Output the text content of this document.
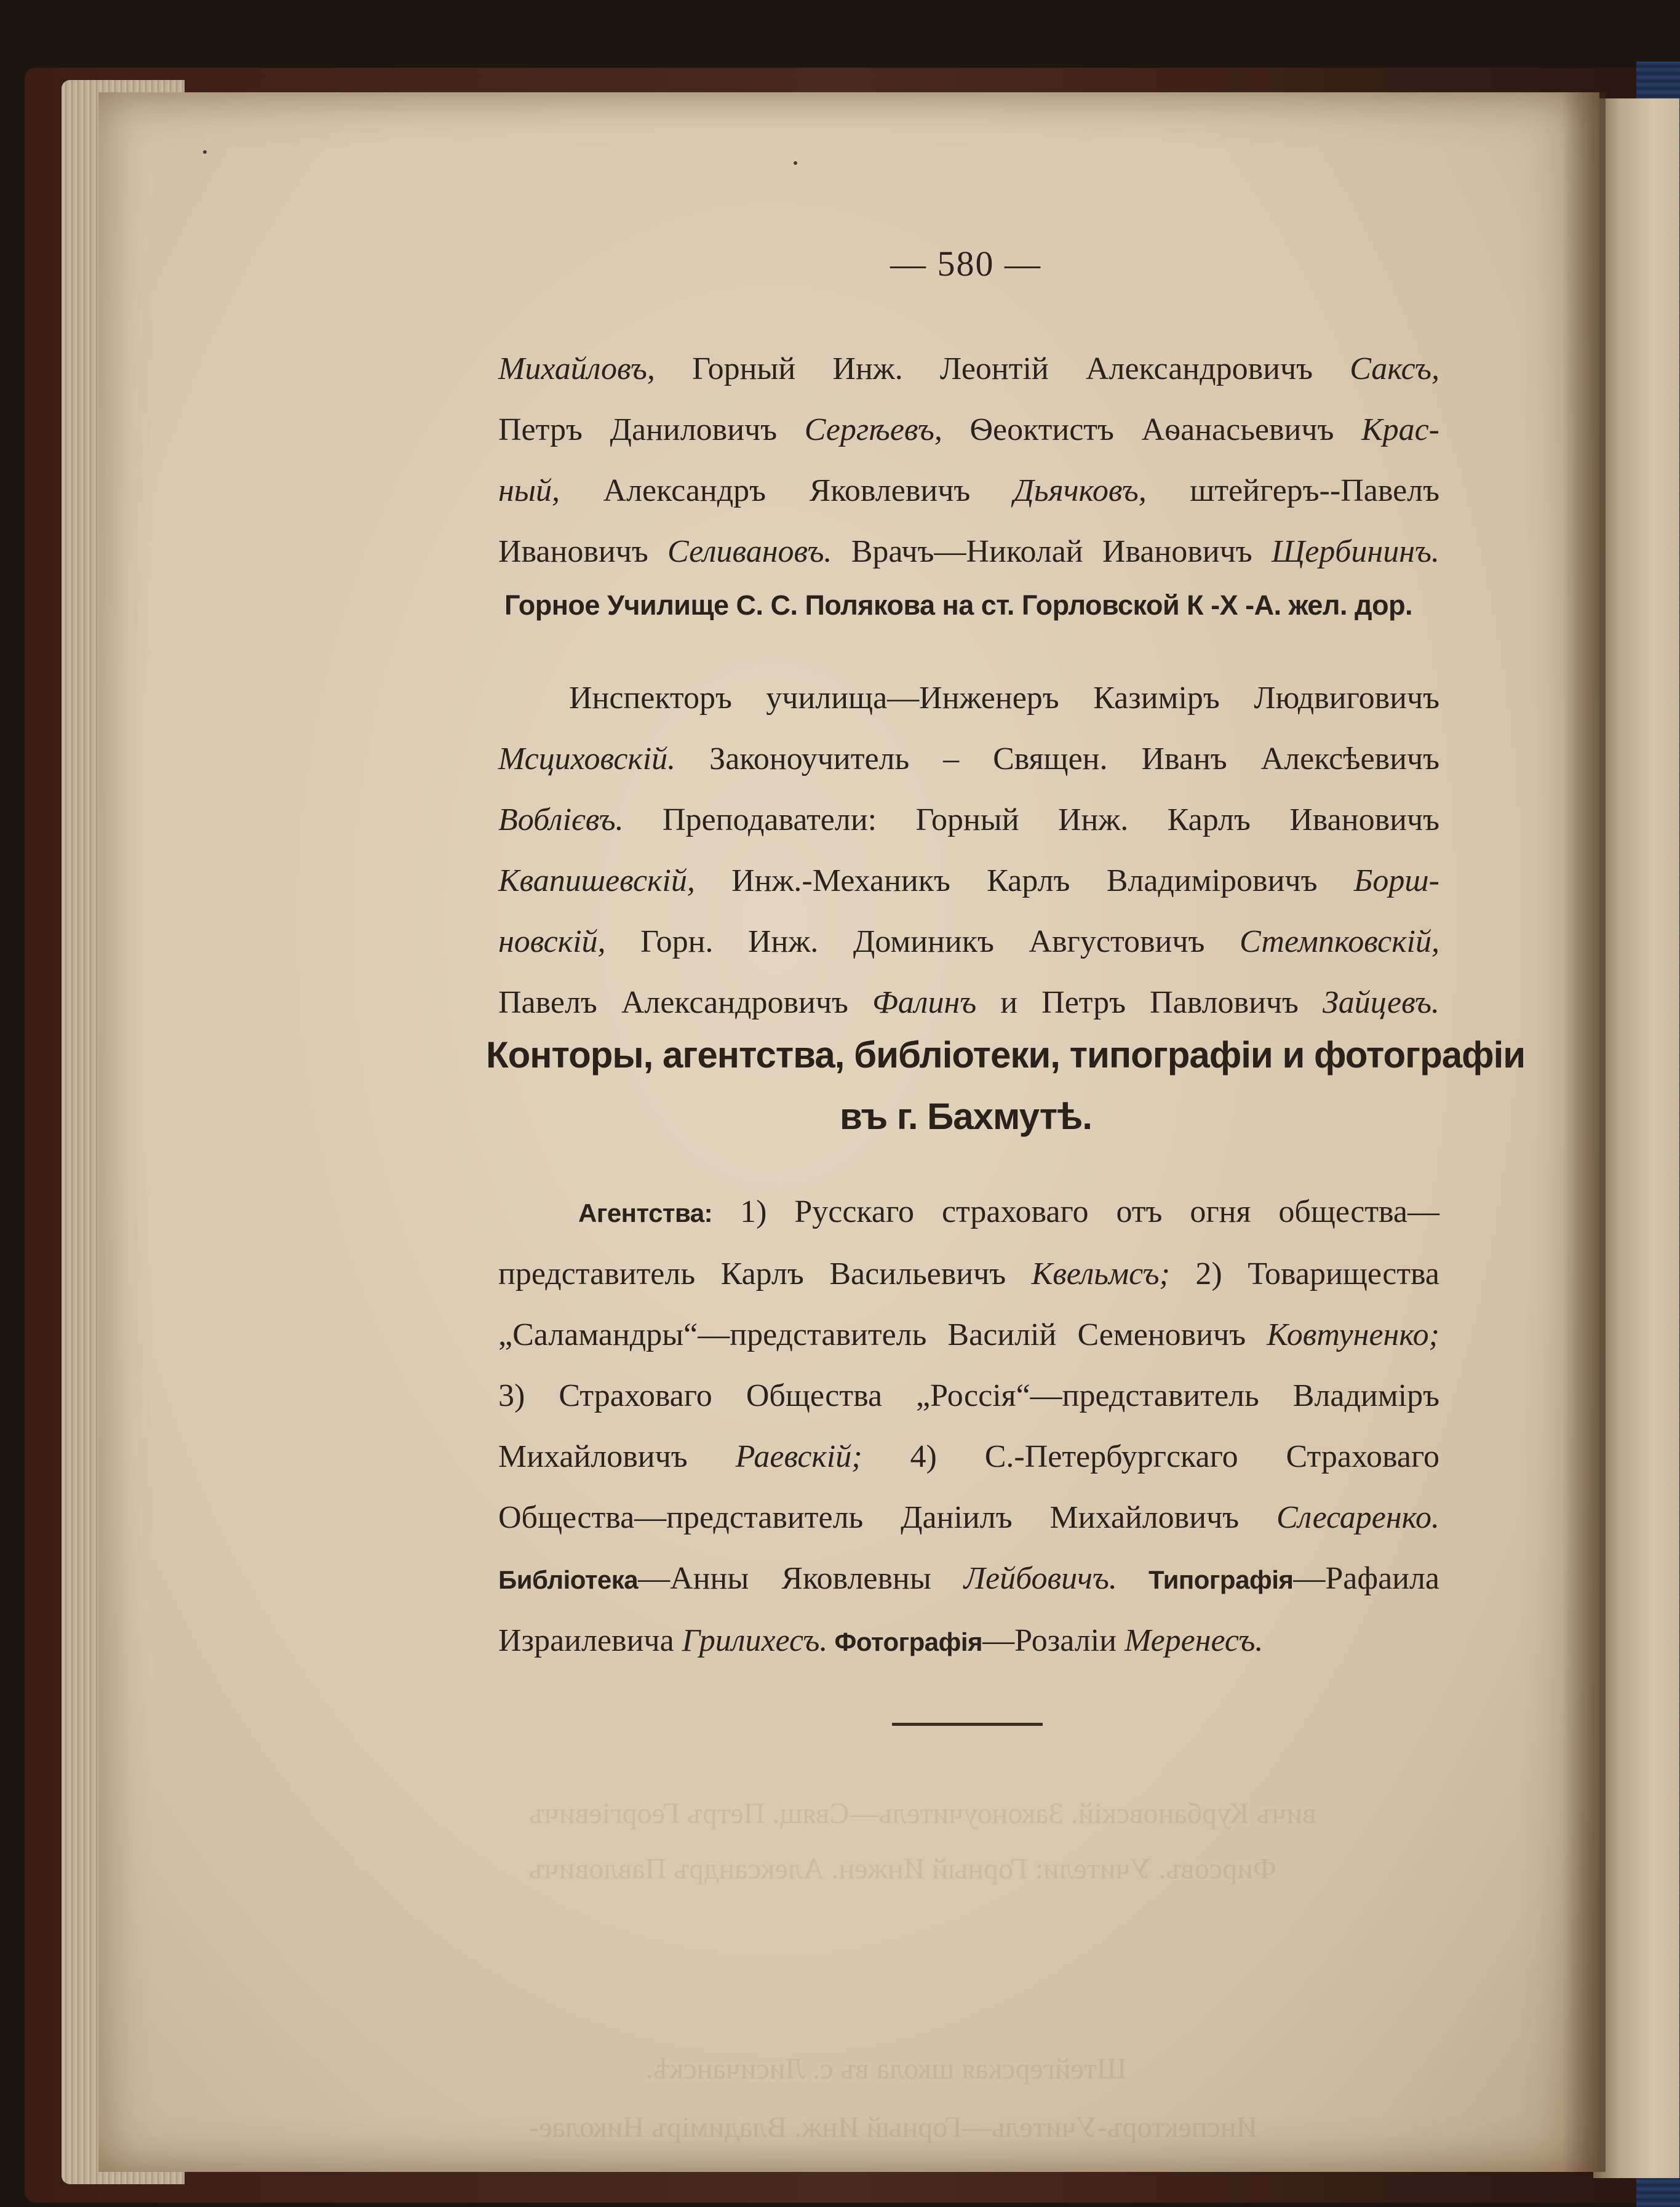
Штейгерская школа въ с. Лисичанскѣ.
Инспекторъ-Учитель—Горный Инж. Владиміръ Николае-
— 580 —
Михайловъ, Горный Инж. Леонтій Александровичъ Саксъ,
Петръ Даниловичъ Сергѣевъ, Ѳеоктистъ Аѳанасьевичъ Крас-
ный, Александръ Яковлевичъ Дьячковъ, штейгеръ--Павелъ
Ивановичъ Селивановъ. Врачъ—Николай Ивановичъ Щербининъ.
Горное Училище С. С. Полякова на ст. Горловской К -Х -А. жел. дор.
Инспекторъ училища—Инженеръ Казиміръ Людвиговичъ
Мсциховскій. Законоучитель – Священ. Иванъ Алексѣевичъ
Воблієвъ. Преподаватели: Горный Инж. Карлъ Ивановичъ
Квапишевскій, Инж.-Механикъ Карлъ Владиміровичъ Борш-
новскій, Горн. Инж. Доминикъ Августовичъ Стемпковскій,
Павелъ Александровичъ Фалинъ и Петръ Павловичъ Зайцевъ.
Конторы, агентства, библіотеки, типографіи и фотографіи
въ г. Бахмутѣ.
Агентства: 1) Русскаго страховаго отъ огня общества—
представитель Карлъ Васильевичъ Квельмсъ; 2) Товарищества
„Саламандры“—представитель Василій Семеновичъ Ковтуненко;
3) Страховаго Общества „Россія“—представитель Владиміръ
Михайловичъ Раевскій; 4) С.-Петербургскаго Страховаго
Общества—представитель Даніилъ Михайловичъ Слесаренко.
Библіотека—Анны Яковлевны Лейбовичъ. Типографія—Рафаила
Израилевича Грилихесъ. Фотографія—Розаліи Меренесъ.
вичъ Курбановскій. Законоучитель—Свящ. Петръ Георгіевичъ
Фирсовъ. Учители: Горный Инжен. Александръ Павловичъ
